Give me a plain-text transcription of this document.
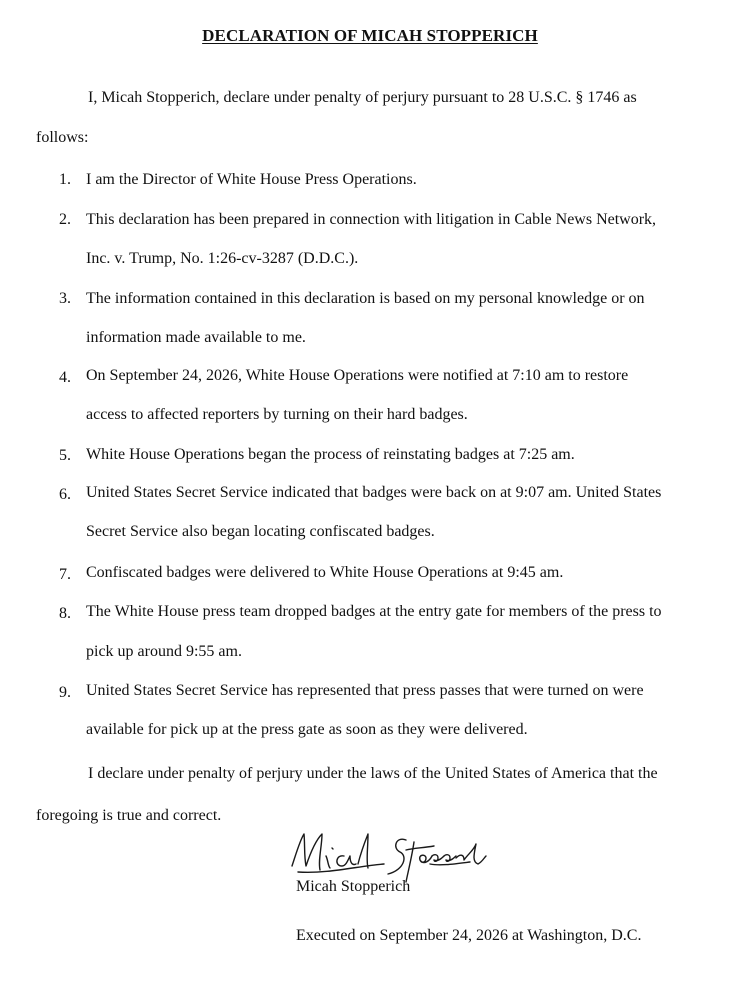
DECLARATION OF MICAH STOPPERICH
I, Micah Stopperich, declare under penalty of perjury pursuant to 28 U.S.C. § 1746 as
follows:
1. I am the Director of White House Press Operations.
2. This declaration has been prepared in connection with litigation in Cable News Network,
Inc. v. Trump, No. 1:26-cv-3287 (D.D.C.).
3. The information contained in this declaration is based on my personal knowledge or on
information made available to me.
4. On September 24, 2026, White House Operations were notified at 7:10 am to restore
access to affected reporters by turning on their hard badges.
5. White House Operations began the process of reinstating badges at 7:25 am.
6. United States Secret Service indicated that badges were back on at 9:07 am. United States
Secret Service also began locating confiscated badges.
7. Confiscated badges were delivered to White House Operations at 9:45 am.
8. The White House press team dropped badges at the entry gate for members of the press to
pick up around 9:55 am.
9. United States Secret Service has represented that press passes that were turned on were
available for pick up at the press gate as soon as they were delivered.
I declare under penalty of perjury under the laws of the United States of America that the
foregoing is true and correct.
Micah Stopperich
Executed on September 24, 2026 at Washington, D.C.
